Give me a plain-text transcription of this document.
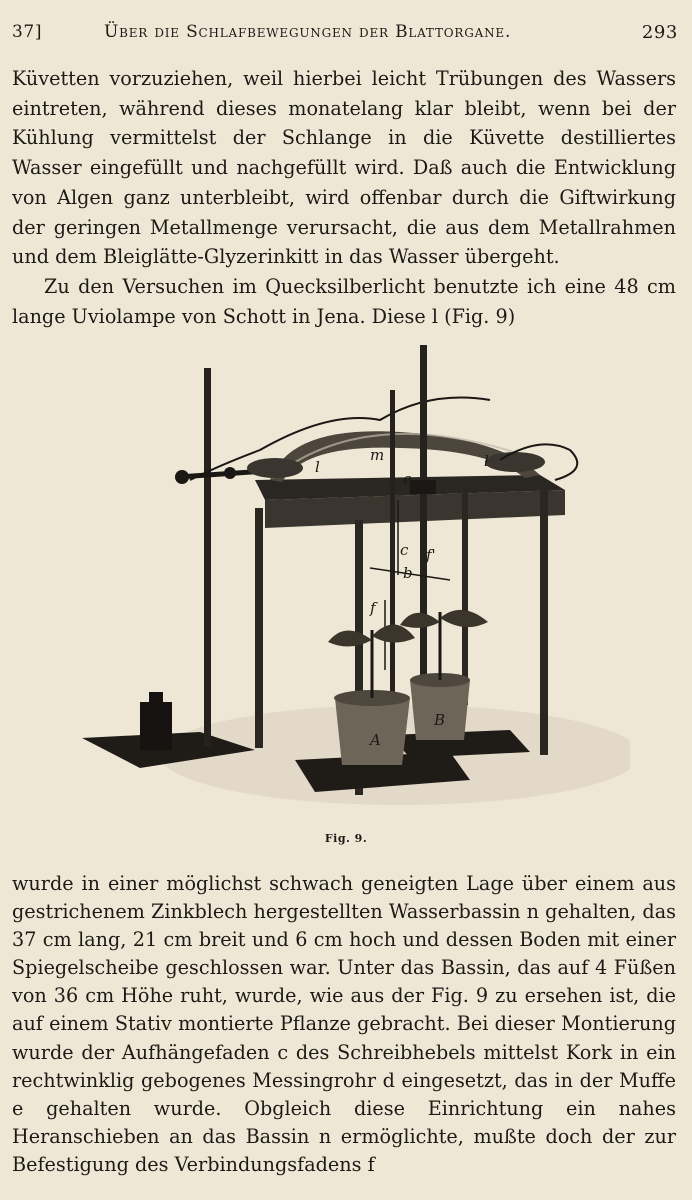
37]	Über die Schlafbewegungen der Blattorgane.	293

Küvetten vorzuziehen, weil hierbei leicht Trübungen des Wassers eintreten, während dieses monatelang klar bleibt, wenn bei der Kühlung vermittelst der Schlange in die Küvette destilliertes Wasser eingefüllt und nachgefüllt wird. Daß auch die Entwicklung von Algen ganz unterbleibt, wird offenbar durch die Giftwirkung der geringen Metallmenge verursacht, die aus dem Metallrahmen und dem Bleiglätte-Glyzerinkitt in das Wasser übergeht.

Zu den Versuchen im Quecksilberlicht benutzte ich eine 48 cm lange Uviolampe von Schott in Jena. Diese l (Fig. 9)

m
l	l
e
c f'
b
f
A
B
Fig. 9.

wurde in einer möglichst schwach geneigten Lage über einem aus gestrichenem Zinkblech hergestellten Wasserbassin n gehalten, das 37 cm lang, 21 cm breit und 6 cm hoch und dessen Boden mit einer Spiegelscheibe geschlossen war. Unter das Bassin, das auf 4 Füßen von 36 cm Höhe ruht, wurde, wie aus der Fig. 9 zu ersehen ist, die auf einem Stativ montierte Pflanze gebracht. Bei dieser Montierung wurde der Aufhängefaden c des Schreibhebels mittelst Kork in ein rechtwinklig gebogenes Messingrohr d eingesetzt, das in der Muffe e gehalten wurde. Obgleich diese Einrichtung ein nahes Heranschieben an das Bassin n ermöglichte, mußte doch der zur Befestigung des Verbindungsfadens f
